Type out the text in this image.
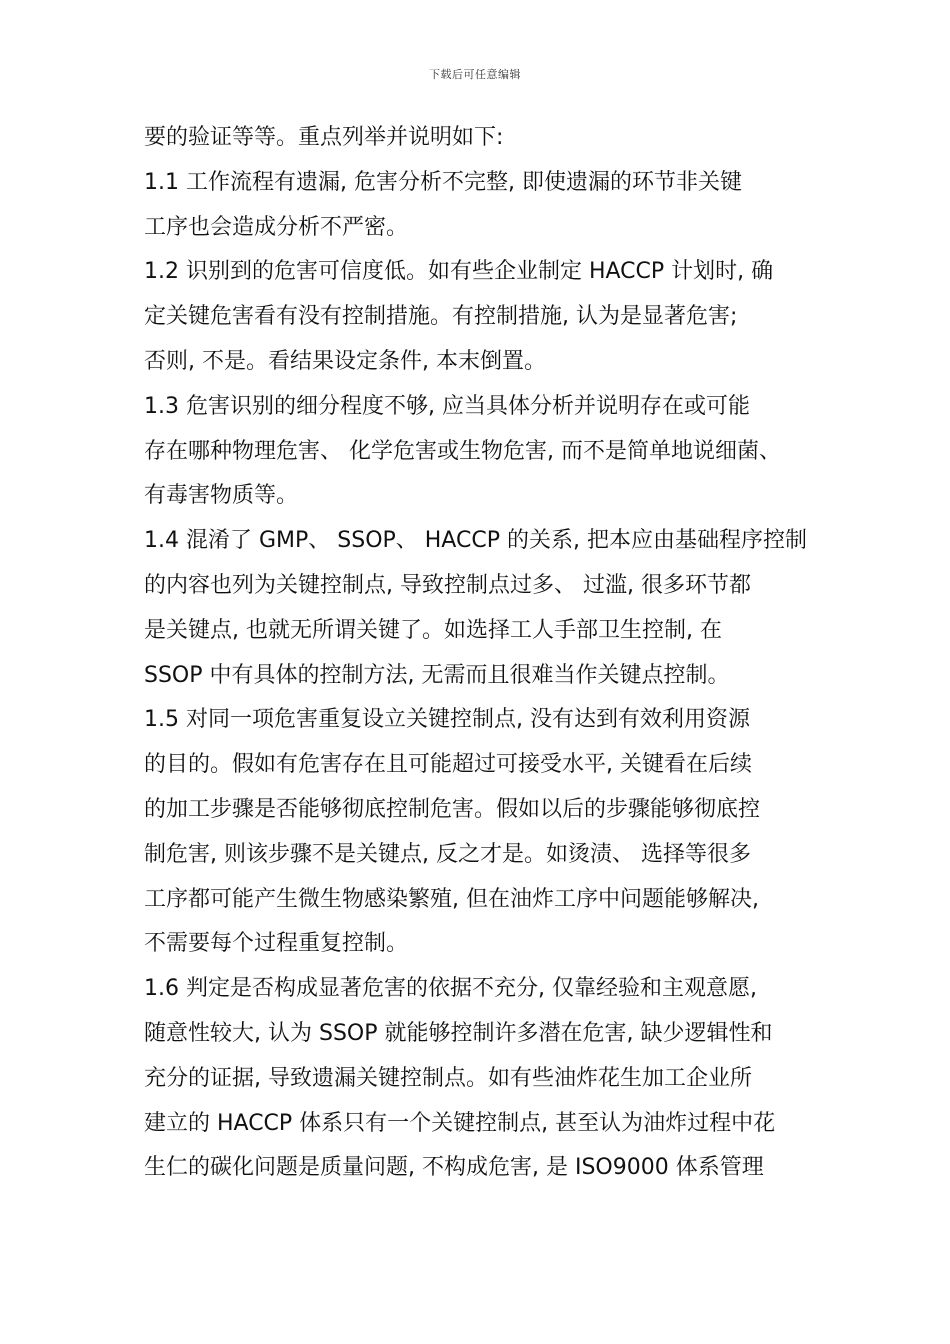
下载后可任意编辑
要的验证等等。重点列举并说明如下:
1.1 工作流程有遗漏, 危害分析不完整, 即使遗漏的环节非关键
工序也会造成分析不严密。
1.2 识别到的危害可信度低。如有些企业制定 HACCP 计划时, 确
定关键危害看有没有控制措施。有控制措施, 认为是显著危害;
否则, 不是。看结果设定条件, 本末倒置。
1.3 危害识别的细分程度不够, 应当具体分析并说明存在或可能
存在哪种物理危害、 化学危害或生物危害, 而不是简单地说细菌、
有毒害物质等。
1.4 混淆了 GMP、 SSOP、 HACCP 的关系, 把本应由基础程序控制
的内容也列为关键控制点, 导致控制点过多、 过滥, 很多环节都
是关键点, 也就无所谓关键了。如选择工人手部卫生控制, 在
SSOP 中有具体的控制方法, 无需而且很难当作关键点控制。
1.5 对同一项危害重复设立关键控制点, 没有达到有效利用资源
的目的。假如有危害存在且可能超过可接受水平, 关键看在后续
的加工步骤是否能够彻底控制危害。假如以后的步骤能够彻底控
制危害, 则该步骤不是关键点, 反之才是。如烫渍、 选择等很多
工序都可能产生微生物感染繁殖, 但在油炸工序中问题能够解决,
不需要每个过程重复控制。
1.6 判定是否构成显著危害的依据不充分, 仅靠经验和主观意愿,
随意性较大, 认为 SSOP 就能够控制许多潜在危害, 缺少逻辑性和
充分的证据, 导致遗漏关键控制点。如有些油炸花生加工企业所
建立的 HACCP 体系只有一个关键控制点, 甚至认为油炸过程中花
生仁的碳化问题是质量问题, 不构成危害, 是 ISO9000 体系管理
